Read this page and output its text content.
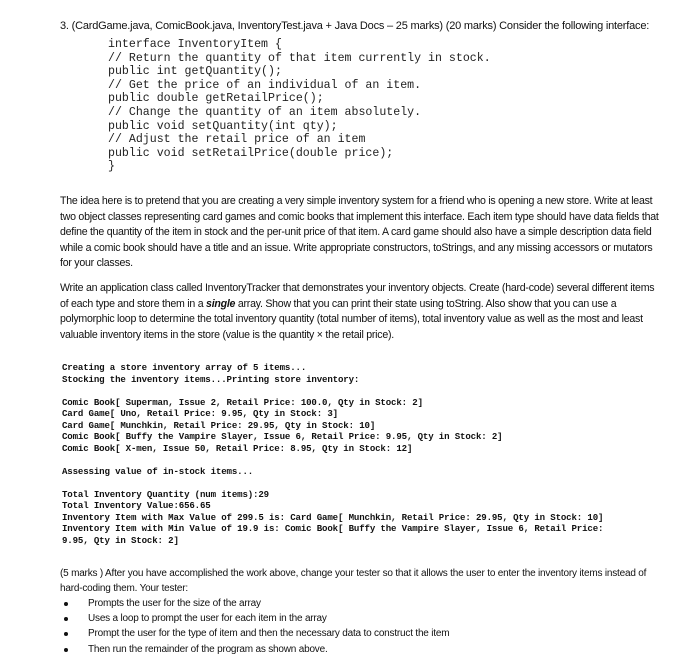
3. (CardGame.java, ComicBook.java, InventoryTest.java + Java Docs – 25 marks) (20 marks) Consider the following interface:
interface InventoryItem {
// Return the quantity of that item currently in stock.
public int getQuantity();
// Get the price of an individual of an item.
public double getRetailPrice();
// Change the quantity of an item absolutely.
public void setQuantity(int qty);
// Adjust the retail price of an item
public void setRetailPrice(double price);
}
The idea here is to pretend that you are creating a very simple inventory system for a friend who is opening a new store. Write at least two object classes representing card games and comic books that implement this interface. Each item type should have data fields that define the quantity of the item in stock and the per-unit price of that item. A card game should also have a simple description data field while a comic book should have a title and an issue. Write appropriate constructors, toStrings, and any missing accessors or mutators for your classes.
Write an application class called InventoryTracker that demonstrates your inventory objects. Create (hard-code) several different items of each type and store them in a single array. Show that you can print their state using toString. Also show that you can use a polymorphic loop to determine the total inventory quantity (total number of items), total inventory value as well as the most and least valuable inventory items in the store (value is the quantity × the retail price).
Creating a store inventory array of 5 items...
Stocking the inventory items...Printing store inventory:
Comic Book[ Superman, Issue 2, Retail Price: 100.0, Qty in Stock: 2]
Card Game[ Uno, Retail Price: 9.95, Qty in Stock: 3]
Card Game[ Munchkin, Retail Price: 29.95, Qty in Stock: 10]
Comic Book[ Buffy the Vampire Slayer, Issue 6, Retail Price: 9.95, Qty in Stock: 2]
Comic Book[ X-men, Issue 50, Retail Price: 8.95, Qty in Stock: 12]
Assessing value of in-stock items...
Total Inventory Quantity (num items):29
Total Inventory Value:656.65
Inventory Item with Max Value of 299.5 is: Card Game[ Munchkin, Retail Price: 29.95, Qty in Stock: 10]
Inventory Item with Min Value of 19.9 is: Comic Book[ Buffy the Vampire Slayer, Issue 6, Retail Price:
9.95, Qty in Stock: 2]
(5 marks ) After you have accomplished the work above, change your tester so that it allows the user to enter the inventory items instead of hard-coding them. Your tester:
Prompts the user for the size of the array
Uses a loop to prompt the user for each item in the array
Prompt the user for the type of item and then the necessary data to construct the item
Then run the remainder of the program as shown above.
